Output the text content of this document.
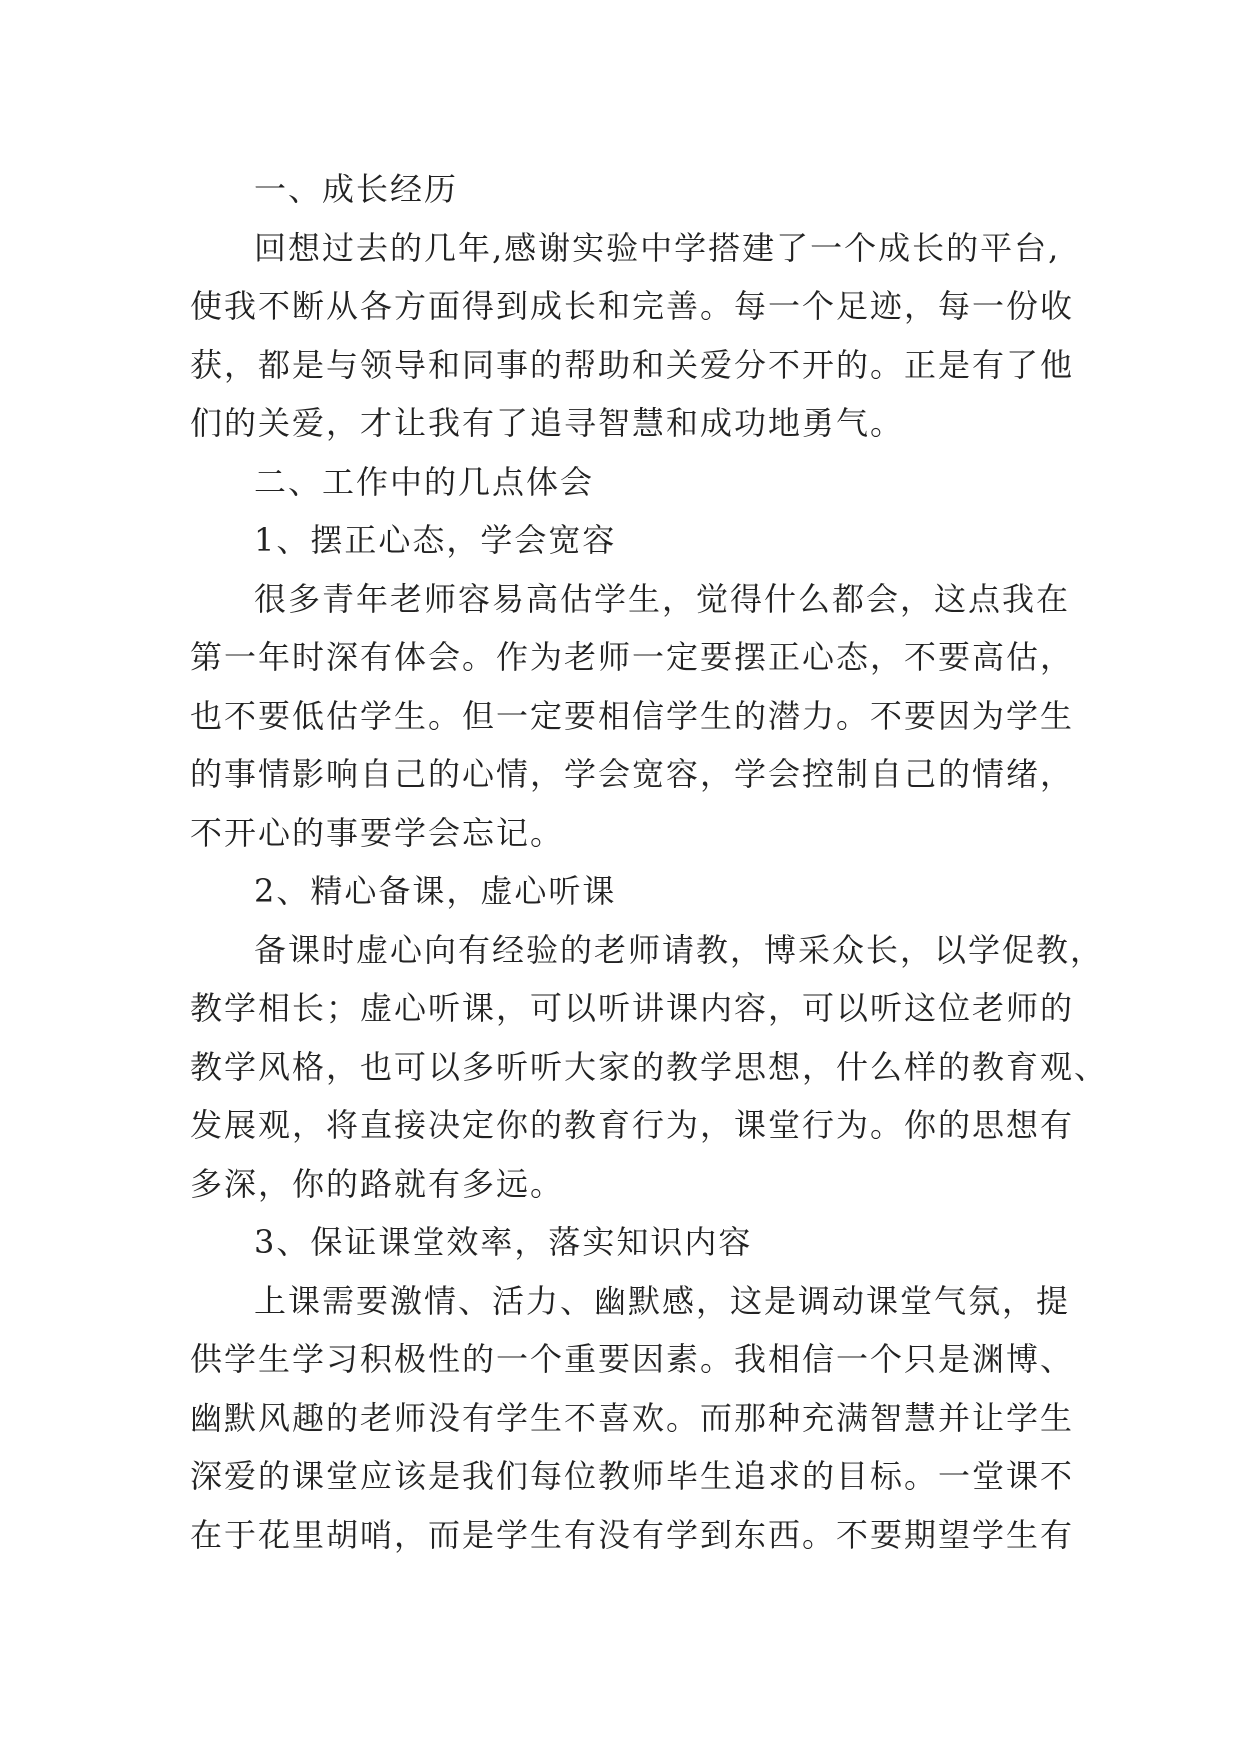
一、成长经历
回想过去的几年,感谢实验中学搭建了一个成长的平台,
使我不断从各方面得到成长和完善。每一个足迹，每一份收
获，都是与领导和同事的帮助和关爱分不开的。正是有了他
们的关爱，才让我有了追寻智慧和成功地勇气。
二、工作中的几点体会
1、摆正心态，学会宽容
很多青年老师容易高估学生，觉得什么都会，这点我在
第一年时深有体会。作为老师一定要摆正心态，不要高估，
也不要低估学生。但一定要相信学生的潜力。不要因为学生
的事情影响自己的心情，学会宽容，学会控制自己的情绪，
不开心的事要学会忘记。
2、精心备课，虚心听课
备课时虚心向有经验的老师请教，博采众长，以学促教，
教学相长；虚心听课，可以听讲课内容，可以听这位老师的
教学风格，也可以多听听大家的教学思想，什么样的教育观、
发展观，将直接决定你的教育行为，课堂行为。你的思想有
多深，你的路就有多远。
3、保证课堂效率，落实知识内容
上课需要激情、活力、幽默感，这是调动课堂气氛，提
供学生学习积极性的一个重要因素。我相信一个只是渊博、
幽默风趣的老师没有学生不喜欢。而那种充满智慧并让学生
深爱的课堂应该是我们每位教师毕生追求的目标。一堂课不
在于花里胡哨，而是学生有没有学到东西。不要期望学生有
